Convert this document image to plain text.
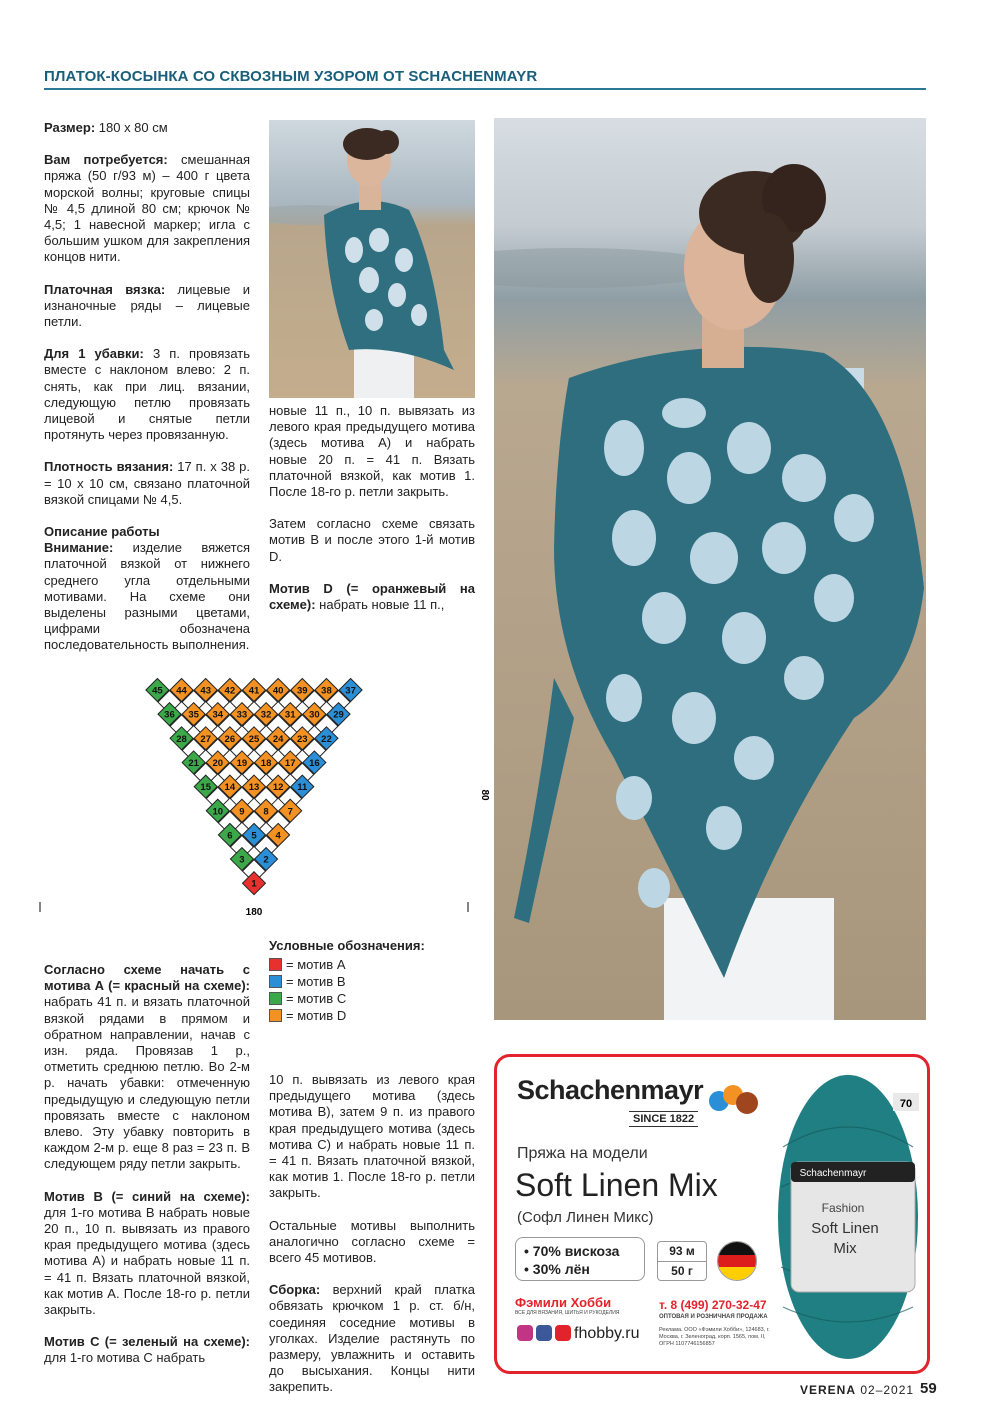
ПЛАТОК-КОСЫНКА СО СКВОЗНЫМ УЗОРОМ ОТ SCHACHENMAYR

Размер: 180 х 80 см

Вам потребуется: смешанная пряжа (50 г/93 м) – 400 г цвета морской волны; круговые спицы № 4,5 длиной 80 см; крючок № 4,5; 1 навесной маркер; игла с большим ушком для закрепления концов нити.

Платочная вязка: лицевые и изнаночные ряды – лицевые петли.

Для 1 убавки: 3 п. провязать вместе с наклоном влево: 2 п. снять, как при лиц. вязании, следующую петлю провязать лицевой и снятые петли протянуть через провязанную.

Плотность вязания: 17 п. х 38 р. = 10 х 10 см, связано платочной вязкой спицами № 4,5.

Описание работы

Внимание: изделие вяжется платочной вязкой от нижнего среднего угла отдельными мотивами. На схеме они выделены разными цветами, цифрами обозначена последовательность выполнения.

новые 11 п., 10 п. вывязать из левого края предыдущего мотива (здесь мотива А) и набрать новые 20 п. = 41 п. Вязать платочной вязкой, как мотив 1. После 18-го р. петли закрыть.

Затем согласно схеме связать мотив В и после этого 1-й мотив D.

Мотив D (= оранжевый на схеме): набрать новые 11 п.,

45 44 43 42 41 40 39 38 37
36 35 34 33 32 31 30 29
28 27 26 25 24 23 22
21 20 19 18 17 16
15 14 13 12 11
10 9 8 7
6 5 4
3 2
1
180
80
Условные обозначения:
= мотив А
= мотив В
= мотив С
= мотив D

Согласно схеме начать с мотива А (= красный на схеме): набрать 41 п. и вязать платочной вязкой рядами в прямом и обратном направлении, начав с изн. ряда. Провязав 1 р., отметить среднюю петлю. Во 2-м р. начать убавки: отмеченную предыдущую и следующую петли провязать вместе с наклоном влево. Эту убавку повторить в каждом 2-м р. еще 8 раз = 23 п. В следующем ряду петли закрыть.

Мотив В (= синий на схеме): для 1-го мотива В набрать новые 20 п., 10 п. вывязать из правого края предыдущего мотива (здесь мотива А) и набрать новые 11 п. = 41 п. Вязать платочной вязкой, как мотив А. После 18-го р. петли закрыть.

Мотив С (= зеленый на схеме): для 1-го мотива С набрать

10 п. вывязать из левого края предыдущего мотива (здесь мотива В), затем 9 п. из правого края предыдущего мотива (здесь мотива С) и набрать новые 11 п. = 41 п. Вязать платочной вязкой, как мотив 1. После 18-го р. петли закрыть.

Остальные мотивы выполнить аналогично согласно схеме = всего 45 мотивов.

Сборка: верхний край платка обвязать крючком 1 р. ст. б/н, соединяя соседние мотивы в уголках. Изделие растянуть по размеру, увлажнить и оставить до высыхания. Концы нити закрепить.

Schachenmayr
SINCE 1822
Пряжа на модели
Soft Linen Mix
(Софл Линен Микс)
• 70% вискоза
• 30% лён
93 м
50 г
Фэмили Хобби
ВСЕ ДЛЯ ВЯЗАНИЯ, ШИТЬЯ И РУКОДЕЛИЯ
fhobby.ru
т. 8 (499) 270-32-47
ОПТОВАЯ И РОЗНИЧНАЯ ПРОДАЖА
Реклама. ООО «Фэмили Хобби», 124683, г. Москва, г. Зеленоград, корп. 1565, пом. II, ОГРН 1107746156857
70
Schachenmayr
Fashion
Soft Linen
Mix
VERENA 02–2021 59
